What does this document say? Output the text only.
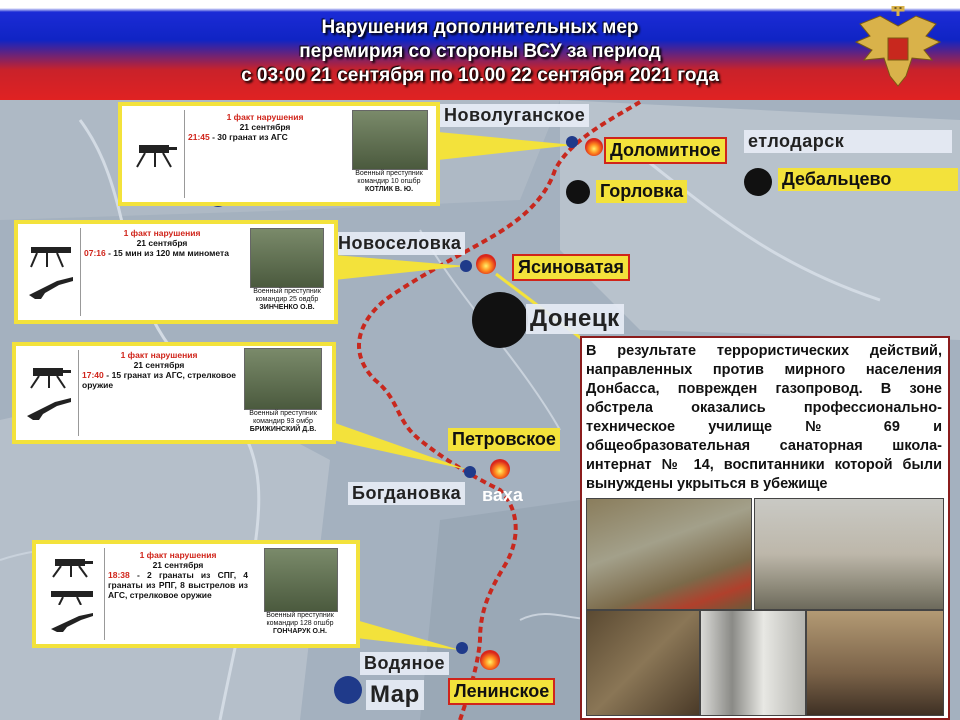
Нарушения дополнительных мер
перемирия со стороны ВСУ за период
с 03:00 21 сентября по 10.00 22 сентября 2021 года
Новолуганское
Доломитное	етлодарск
Горловка
Дебальцево
Новоселовка
Ясиноватая
Донецк
Петровское
Богдановка ваха
Водяное
Ленинское
Мар
1 факт нарушения
21 сентября
21:45 - 30 гранат из АГС
Военный преступник
командир 10 огшбр
КОТЛИК В. Ю.
1 факт нарушения
21 сентября
07:16 - 15 мин из 120 мм миномета
Военный преступник
командир 25 овдбр
ЗИНЧЕНКО О.В.
1 факт нарушения
21 сентября
17:40 - 15 гранат из АГС, стрелковое оружие
Военный преступник
командир 93 омбр
БРИЖИНСКИЙ Д.В.
1 факт нарушения
21 сентября
18:38 - 2 гранаты из СПГ, 4 гранаты из РПГ, 8 выстрелов из АГС, стрелковое оружие
Военный преступник
командир 128 огшбр
ГОНЧАРУК О.Н.
В результате террористических действий, направленных против мирного населения Донбасса, поврежден газопровод. В зоне обстрела оказались профессионально-техническое училище № 69 и общеобразовательная санаторная школа-интернат № 14, воспитанники которой были вынуждены укрыться в убежище
